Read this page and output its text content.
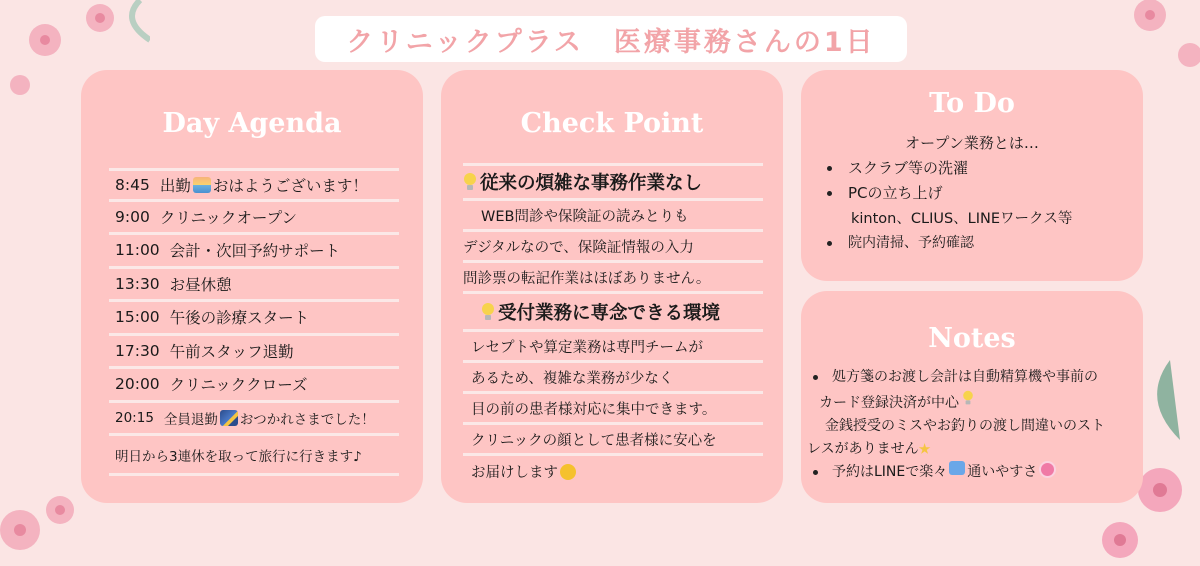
クリニックプラス　医療事務さんの1日
Day Agenda
8:45 出勤 おはようございます！
9:00 クリニックオープン
11:00 会計・次回予約サポート
13:30 お昼休憩
15:00 午後の診療スタート
17:30 午前スタッフ退勤
20:00 クリニッククローズ
20:15 全員退勤 おつかれさまでした！
明日から3連休を取って旅行に行きます♪
Check Point
従来の煩雑な事務作業なし
WEB問診や保険証の読みとりも
デジタルなので、保険証情報の入力
問診票の転記作業はほぼありません。
受付業務に専念できる環境
レセプトや算定業務は専門チームが
あるため、複雑な業務が少なく
目の前の患者様対応に集中できます。
クリニックの顔として患者様に安心を
お届けします
To Do
オープン業務とは…
スクラブ等の洗濯
PCの立ち上げ
kinton、CLIUS、LINEワークス等
院内清掃、予約確認
Notes
処方箋のお渡し会計は自動精算機や事前の
カード登録決済が中心
金銭授受のミスやお釣りの渡し間違いのスト
レスがありません
予約はLINEで楽々 通いやすさ
